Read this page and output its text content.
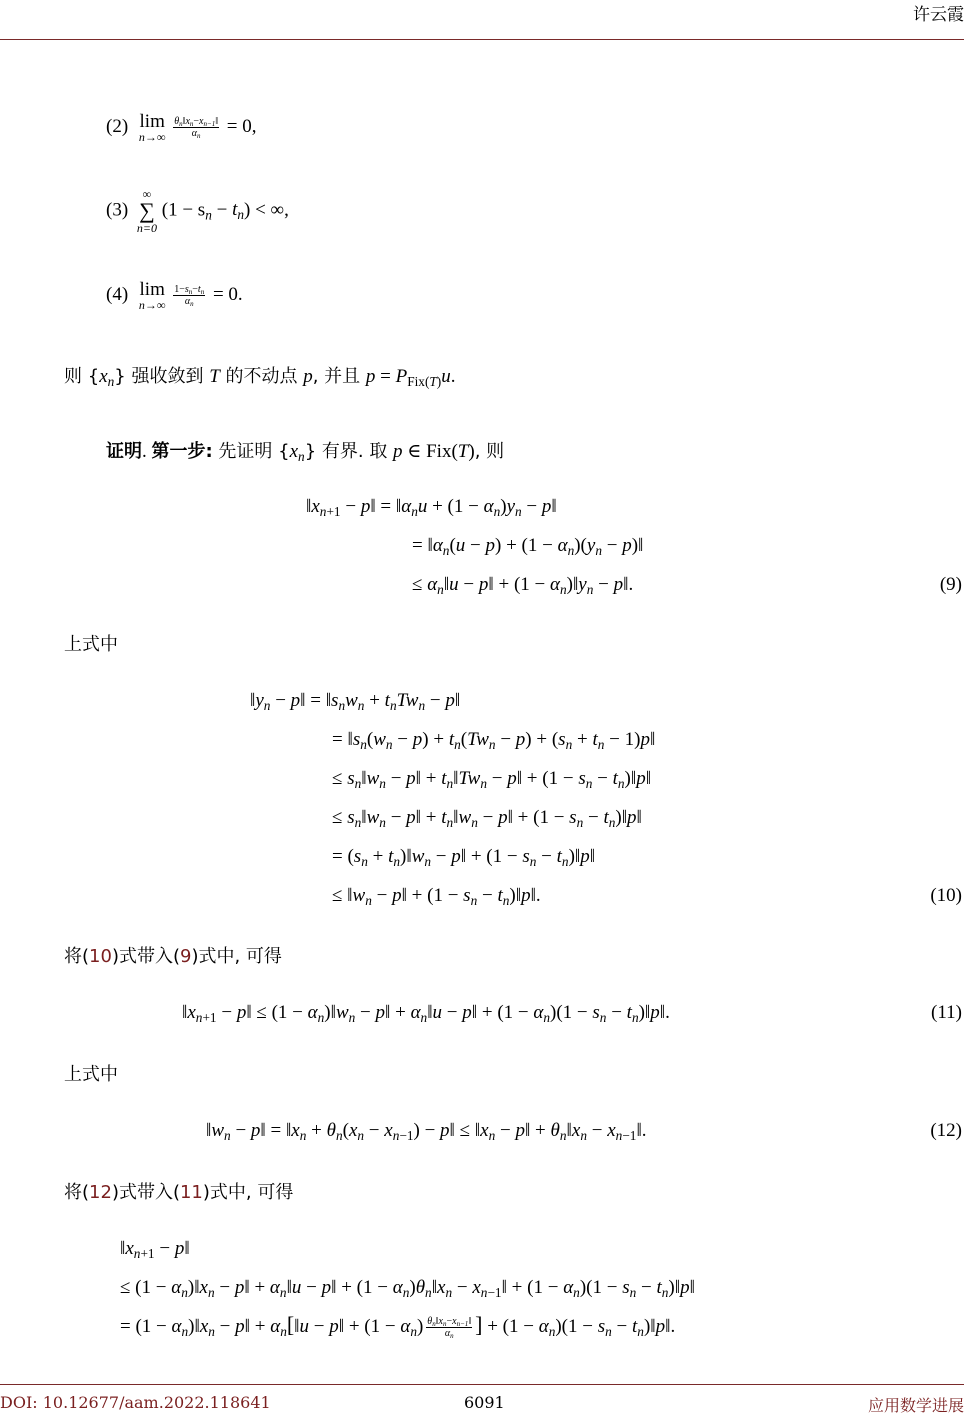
许云霞
(2) lim
n→∞
$\frac{\theta_n‖x_n-x_{n-1}‖}{\alpha_n} = 0$,
(3)
∞
∑
n=0
$(1 - s_n - t_n)$ < ∞,
(4) lim
n→∞
$\frac{1-s_n-t_n}{\alpha_n} = 0$.
则 $\{x_n\}$ 强收敛到 T 的不动点 p, 并且 $p = P_{Fix(T)}u$.
证明. 第一步: 先证明 $\{x_n\}$ 有界. 取 p ∈ Fix(T), 则
$‖x_{n+1}$ − p‖ = $‖\alpha_nu + (1 - \alpha_n)y_n$ − p‖
= $‖\alpha_n(u - p) + (1 - \alpha_n)(y_n$ − p)‖
≤ $\alpha_n‖u$ − p‖ + $(1 - \alpha_n)‖y_n$ − p‖.	(9)
上式中
$‖y_n$ − p‖ = $‖s_nw_n + t_nTw_n$ − p‖
= $‖s_n(w_n - p) + t_n(Tw_n - p) + (s_n + t_n$ − 1)p‖
≤ $s_n‖w_n$ − p‖ + $t_n‖Tw_n$ − p‖ + ($1 - s_n$ − $t_n)‖p‖$
≤ $s_n‖w_n$ − p‖ + $t_n‖w_n$ − p‖ + ($1 - s_n$ − $t_n)‖p‖$
= ($s_n$ + $t_n)‖w_n$ − p‖ + ($1 - s_n$ − $t_n)‖p‖$
≤ $‖w_n$ − p‖ + ($1 - s_n$ − $t_n)‖p‖$.	(10)
将(10)式带入(9)式中, 可得
$‖x_{n+1}$ − p‖ ≤ $(1 - \alpha_n)‖w_n$ − p‖ + $\alpha_n‖u$ − p‖ + $(1 - \alpha_n)(1 - s_n$ − $t_n)‖p‖$.	(11)
上式中
$‖w_n$ − p‖ = $‖x_n + \theta_n(x_n - x_{n-1})$ − p‖ ≤ $‖x_n$ − p‖ + $\theta_n‖x_n$ − $x_{n-1}‖$.	(12)
将(12)式带入(11)式中, 可得
$‖x_{n+1}$ − p‖
≤ $(1 - \alpha_n)‖x_n$ − p‖ + $\alpha_n‖u$ − p‖ + $(1 - \alpha_n)\theta_n‖x_n$ − $x_{n-1}‖ + (1 - \alpha_n)(1 - s_n$ − $t_n)‖p‖$
= $(1 - \alpha_n)‖x_n$ − p‖ + $\alpha_n[‖u$ − p‖ + $(1 - \alpha_n) \frac{\theta_n‖x_n-x_{n-1}‖}{\alpha_n}$ ] + $(1 - \alpha_n)(1 - s_n$ − $t_n)‖p‖$.
DOI: 10.12677/aam.2022.118641	6091	应用数学进展
